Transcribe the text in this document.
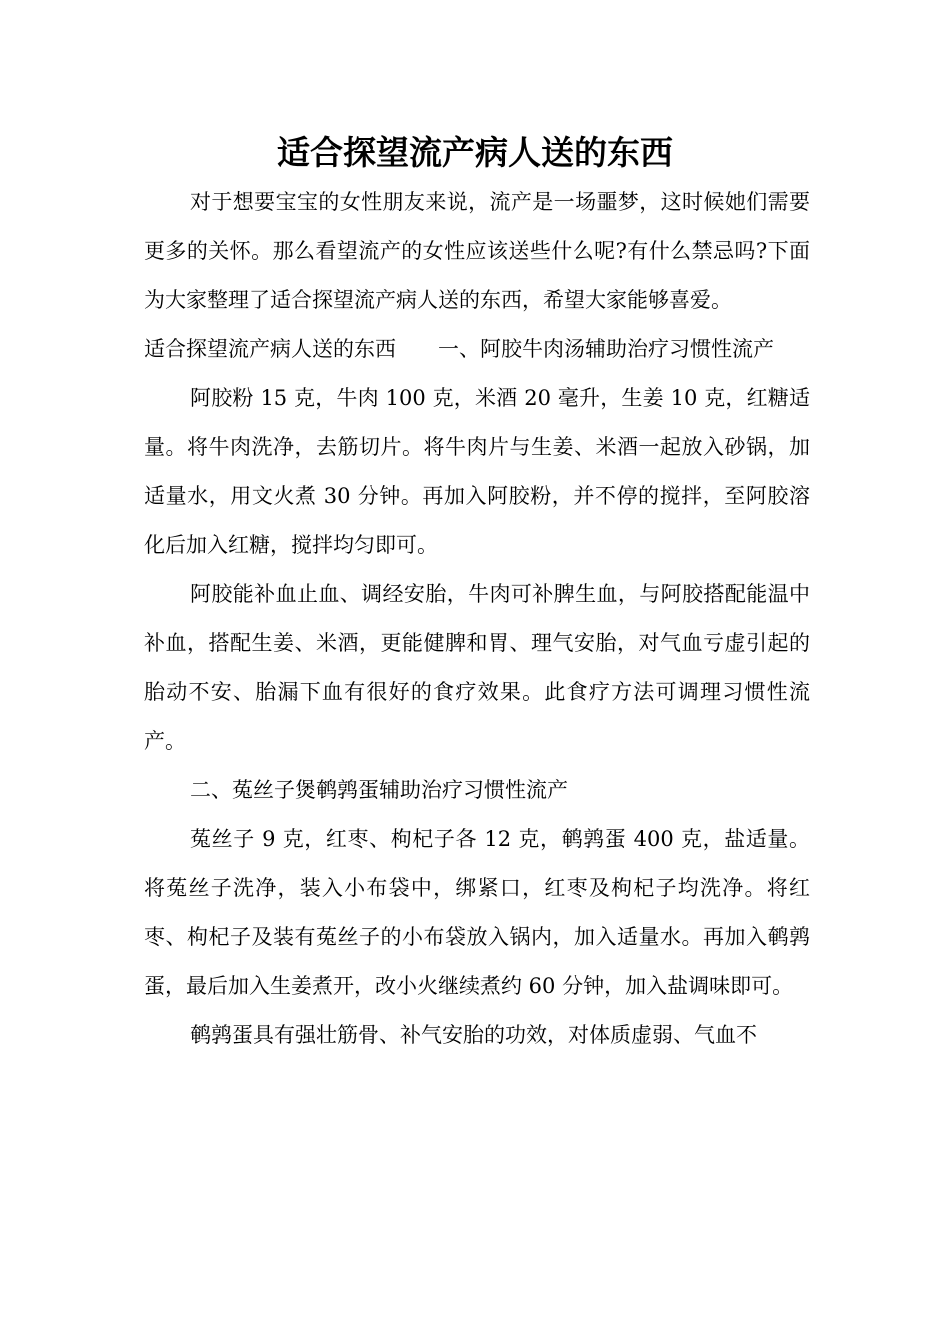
适合探望流产病人送的东西

对于想要宝宝的女性朋友来说，流产是一场噩梦，这时候她们需要更多的关怀。那么看望流产的女性应该送些什么呢?有什么禁忌吗?下面为大家整理了适合探望流产病人送的东西，希望大家能够喜爱。

适合探望流产病人送的东西　　一、阿胶牛肉汤辅助治疗习惯性流产

阿胶粉 15 克，牛肉 100 克，米酒 20 毫升，生姜 10 克，红糖适量。将牛肉洗净，去筋切片。将牛肉片与生姜、米酒一起放入砂锅，加适量水，用文火煮 30 分钟。再加入阿胶粉，并不停的搅拌，至阿胶溶化后加入红糖，搅拌均匀即可。

阿胶能补血止血、调经安胎，牛肉可补脾生血，与阿胶搭配能温中补血，搭配生姜、米酒，更能健脾和胃、理气安胎，对气血亏虚引起的胎动不安、胎漏下血有很好的食疗效果。此食疗方法可调理习惯性流产。

二、菟丝子煲鹌鹑蛋辅助治疗习惯性流产

菟丝子 9 克，红枣、枸杞子各 12 克，鹌鹑蛋 400 克，盐适量。将菟丝子洗净，装入小布袋中，绑紧口，红枣及枸杞子均洗净。将红枣、枸杞子及装有菟丝子的小布袋放入锅内，加入适量水。再加入鹌鹑蛋，最后加入生姜煮开，改小火继续煮约 60 分钟，加入盐调味即可。

鹌鹑蛋具有强壮筋骨、补气安胎的功效，对体质虚弱、气血不
